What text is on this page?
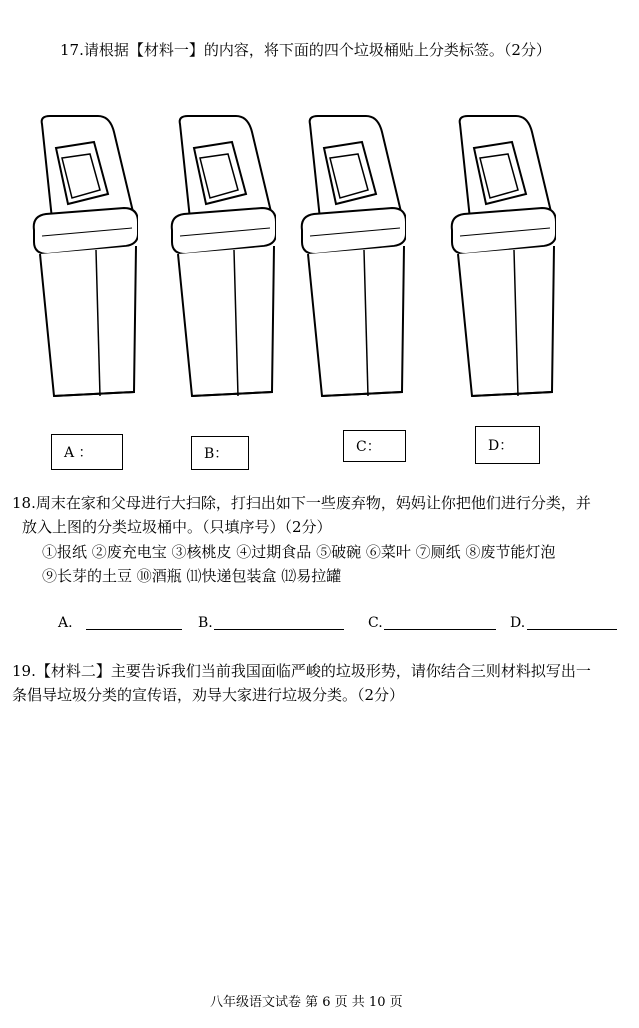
17.请根据【材料一】的内容，将下面的四个垃圾桶贴上分类标签。（2分）
A ：	B：	C：	D：
18.周末在家和父母进行大扫除，打扫出如下一些废弃物，妈妈让你把他们进行分类，并
放入上图的分类垃圾桶中。（只填序号）（2分）
①报纸 ②废充电宝 ③核桃皮 ④过期食品 ⑤破碗 ⑥菜叶 ⑦厕纸 ⑧废节能灯泡
⑨长芽的土豆 ⑩酒瓶 ⑾快递包装盒 ⑿易拉罐
A.	B.	C.	D.
19.【材料二】主要告诉我们当前我国面临严峻的垃圾形势，请你结合三则材料拟写出一
条倡导垃圾分类的宣传语，劝导大家进行垃圾分类。（2分）
八年级语文试卷 第 6 页 共 10 页
